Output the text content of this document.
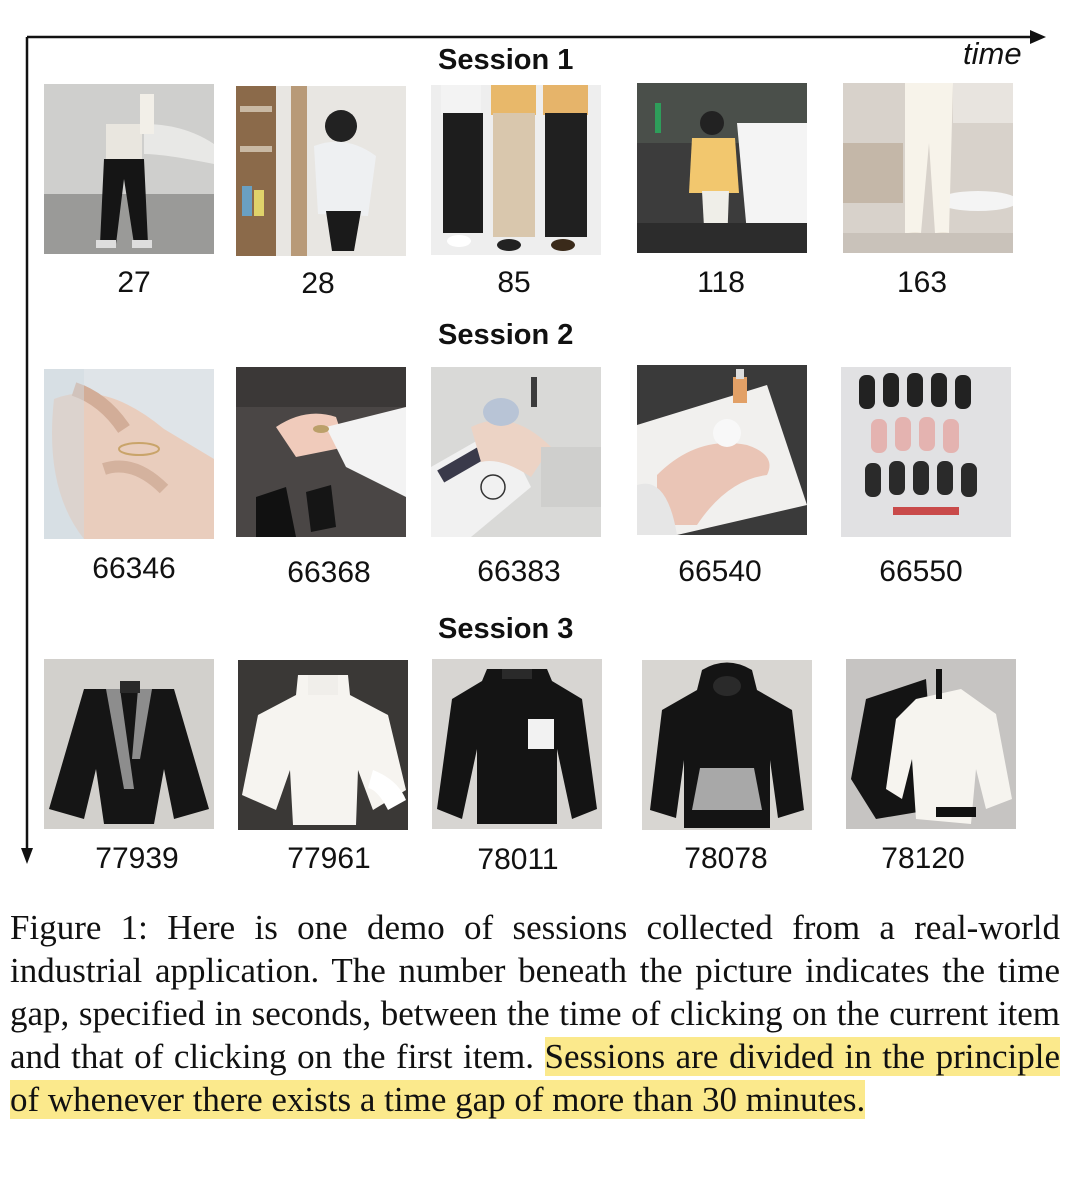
time
Session 1
27	28	85	118	163
Session 2
66346	66368	66383	66540	66550
Session 3
77939	77961	78011	78078	78120
Figure 1: Here is one demo of sessions collected from a real-world industrial application. The number beneath the picture indicates the time gap, specified in seconds, between the time of clicking on the current item and that of clicking on the first item. Sessions are divided in the principle of whenever there exists a time gap of more than 30 minutes.
